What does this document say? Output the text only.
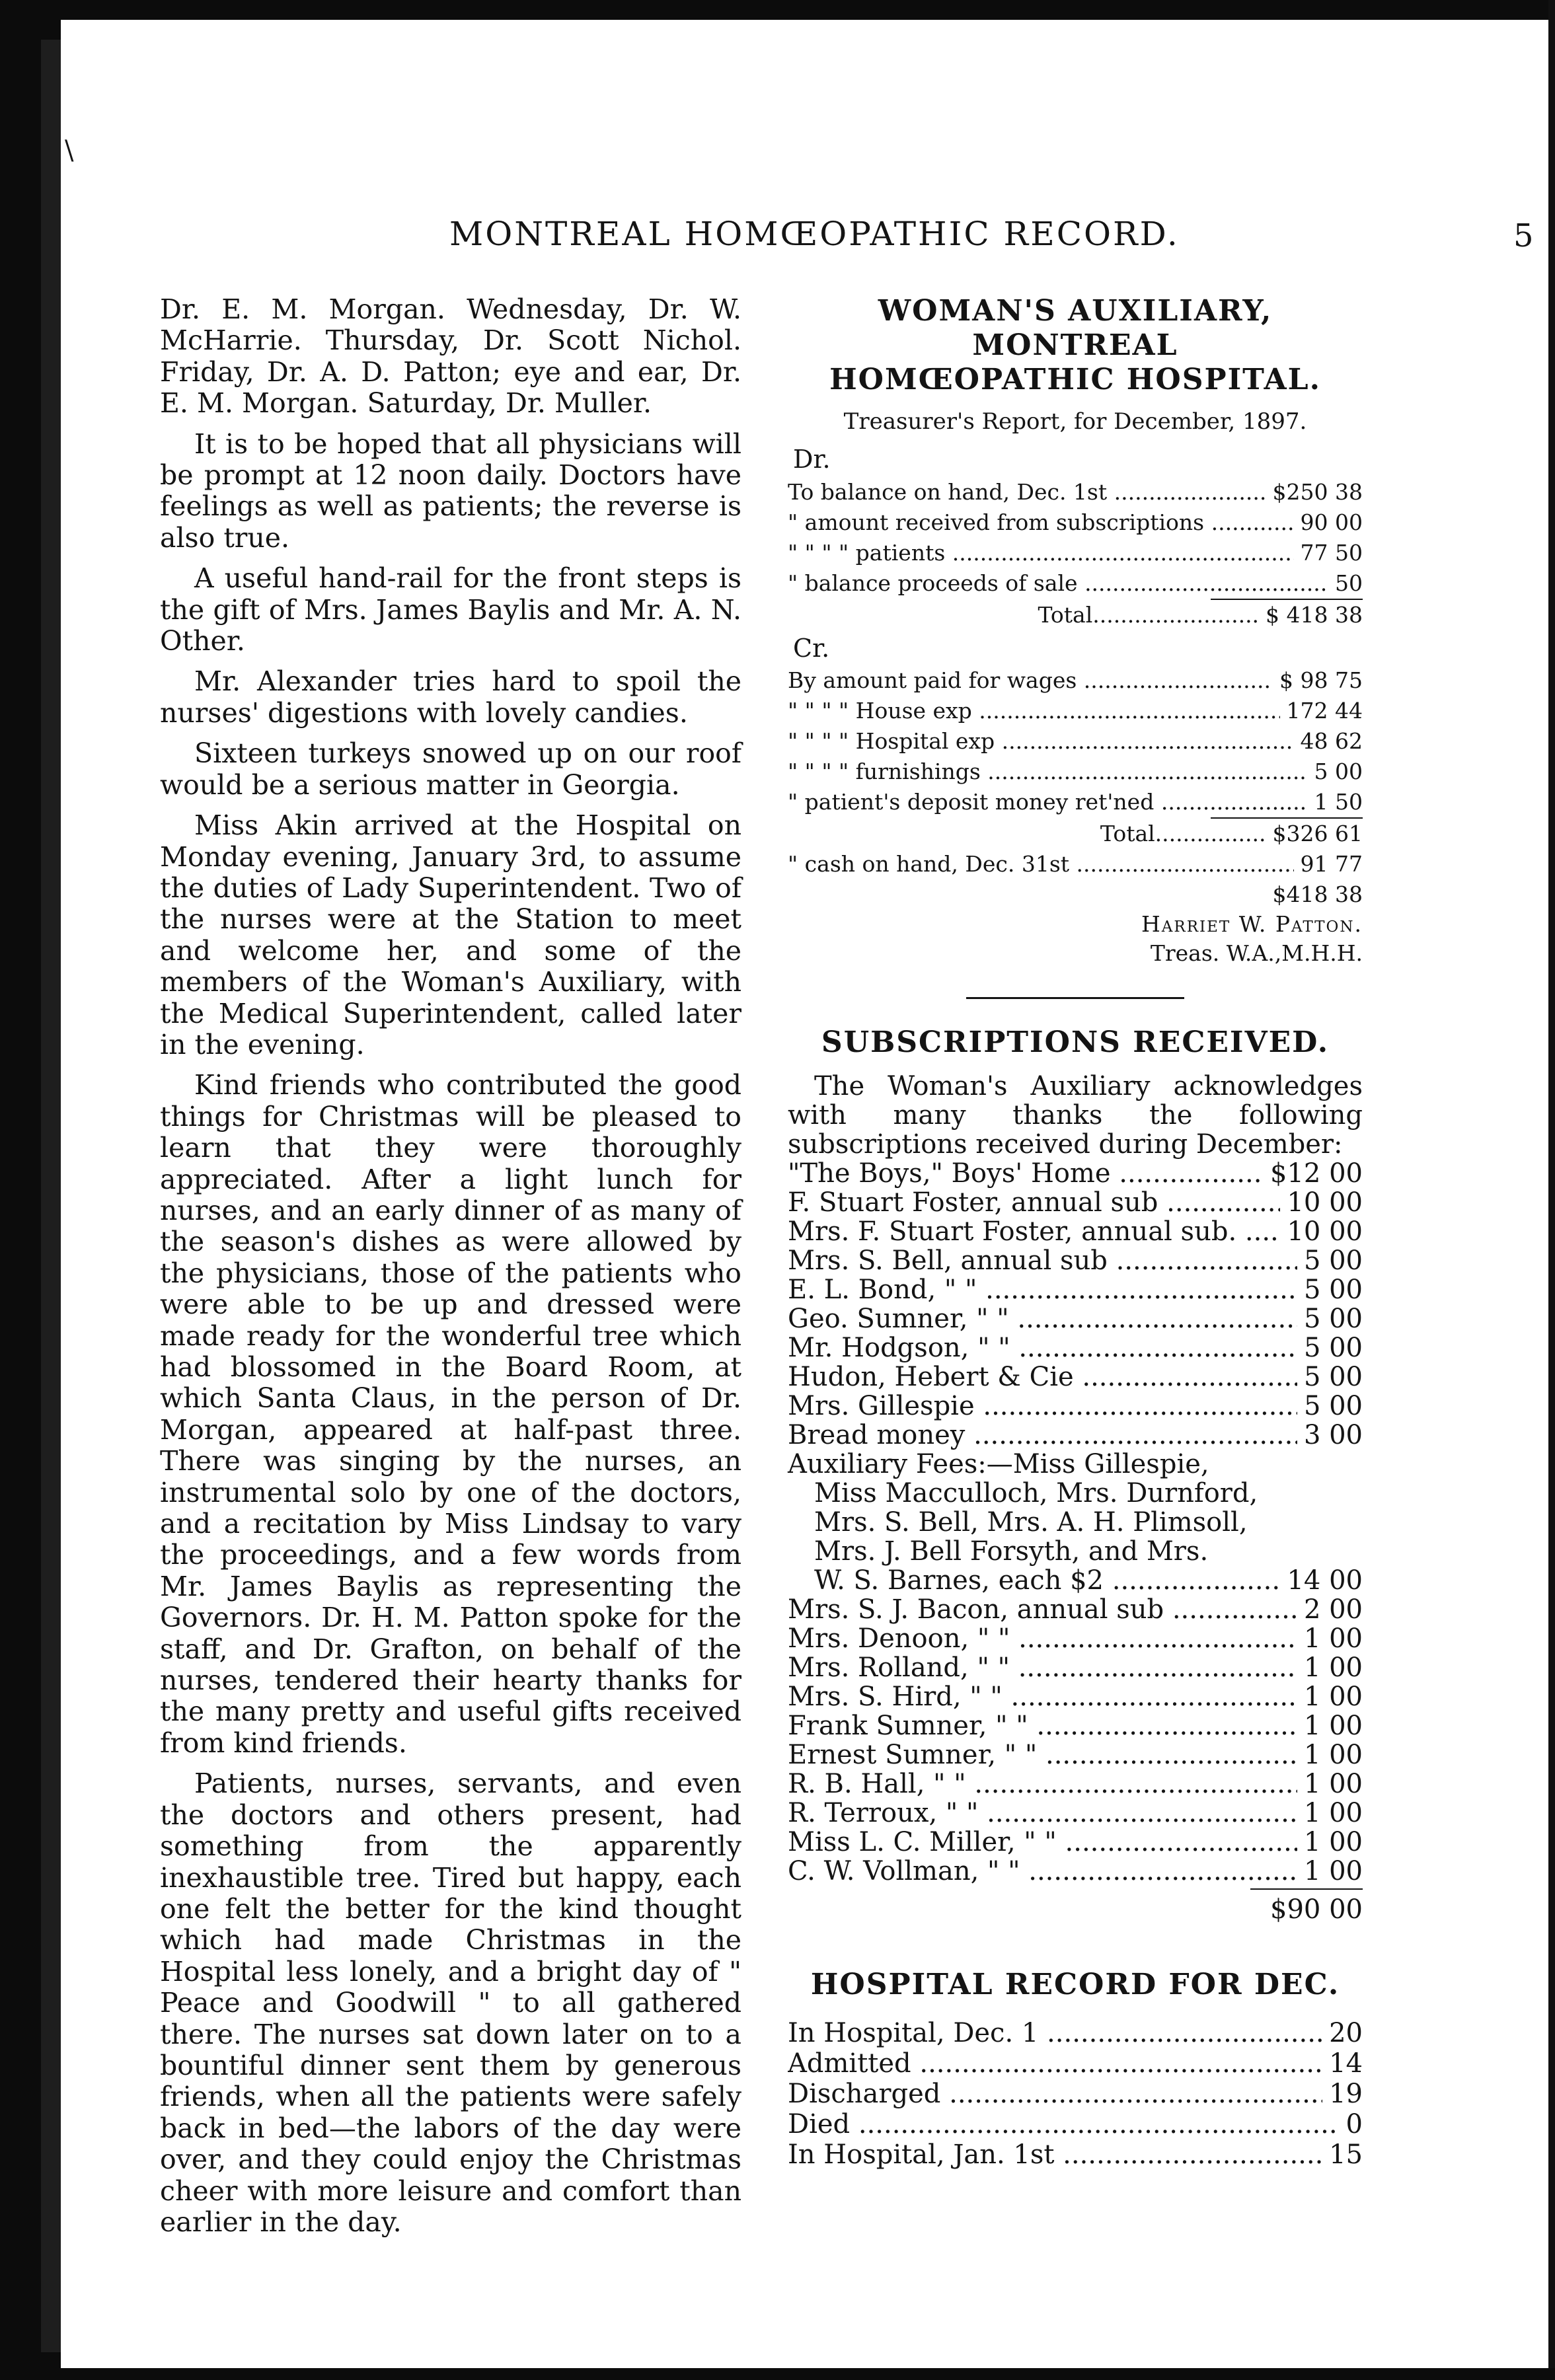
\
MONTREAL HOMŒOPATHIC RECORD.	5

Dr. E. M. Morgan. Wednesday, Dr. W. McHarrie. Thursday, Dr. Scott Nichol. Friday, Dr. A. D. Patton; eye and ear, Dr. E. M. Morgan. Saturday, Dr. Muller.

It is to be hoped that all physicians will be prompt at 12 noon daily. Doctors have feelings as well as patients; the reverse is also true.

A useful hand-rail for the front steps is the gift of Mrs. James Baylis and Mr. A. N. Other.

Mr. Alexander tries hard to spoil the nurses' digestions with lovely candies.

Sixteen turkeys snowed up on our roof would be a serious matter in Georgia.

Miss Akin arrived at the Hospital on Monday evening, January 3rd, to assume the duties of Lady Superintendent. Two of the nurses were at the Station to meet and welcome her, and some of the members of the Woman's Auxiliary, with the Medical Superintendent, called later in the evening.

Kind friends who contributed the good things for Christmas will be pleased to learn that they were thoroughly appreciated. After a light lunch for nurses, and an early dinner of as many of the season's dishes as were allowed by the physicians, those of the patients who were able to be up and dressed were made ready for the wonderful tree which had blossomed in the Board Room, at which Santa Claus, in the person of Dr. Morgan, appeared at half-past three. There was singing by the nurses, an instrumental solo by one of the doctors, and a recitation by Miss Lindsay to vary the proceedings, and a few words from Mr. James Baylis as representing the Governors. Dr. H. M. Patton spoke for the staff, and Dr. Grafton, on behalf of the nurses, tendered their hearty thanks for the many pretty and useful gifts received from kind friends.

Patients, nurses, servants, and even the doctors and others present, had something from the apparently inexhaustible tree. Tired but happy, each one felt the better for the kind thought which had made Christmas in the Hospital less lonely, and a bright day of " Peace and Goodwill " to all gathered there. The nurses sat down later on to a bountiful dinner sent them by generous friends, when all the patients were safely back in bed—the labors of the day were over, and they could enjoy the Christmas cheer with more leisure and comfort than earlier in the day.

WOMAN'S AUXILIARY, MONTREAL
HOMŒOPATHIC HOSPITAL.
Treasurer's Report, for December, 1897.
Dr.
To balance on hand, Dec. 1st .....	$250 38
" amount received from subscriptions .....	90 00
" " " " patients .....	77 50
" balance proceeds of sale .....	50
Total........................ $ 418 38
Cr.
By amount paid for wages .....	$ 98 75
" " " " House exp .....	172 44
" " " " Hospital exp .....	48 62
" " " " furnishings .....	5 00
" patient's deposit money ret'ned .....	1 50
Total................ $326 61
" cash on hand, Dec. 31st .....	91 77
$418 38
Harriet W. Patton.
Treas. W.A.,M.H.H.
SUBSCRIPTIONS RECEIVED.
The Woman's Auxiliary acknowledges with many thanks the following subscriptions received during December:
"The Boys," Boys' Home .....	$12 00
F. Stuart Foster, annual sub .....	10 00
Mrs. F. Stuart Foster, annual sub. .....	10 00
Mrs. S. Bell, annual sub .....	5 00
E. L. Bond, " " .....	5 00
Geo. Sumner, " " .....	5 00
Mr. Hodgson, " " .....	5 00
Hudon, Hebert & Cie .....	5 00
Mrs. Gillespie .....	5 00
Bread money .....	3 00
Auxiliary Fees:—Miss Gillespie,
Miss Macculloch, Mrs. Durnford,
Mrs. S. Bell, Mrs. A. H. Plimsoll,
Mrs. J. Bell Forsyth, and Mrs.
W. S. Barnes, each $2 .....	14 00
Mrs. S. J. Bacon, annual sub .....	2 00
Mrs. Denoon, " " .....	1 00
Mrs. Rolland, " " .....	1 00
Mrs. S. Hird, " " .....	1 00
Frank Sumner, " " .....	1 00
Ernest Sumner, " " .....	1 00
R. B. Hall, " " .....	1 00
R. Terroux, " " .....	1 00
Miss L. C. Miller, " " .....	1 00
C. W. Vollman, " " .....	1 00
$90 00
HOSPITAL RECORD FOR DEC.
In Hospital, Dec. 1 .....	20
Admitted .....	14
Discharged .....	19
Died .....	0
In Hospital, Jan. 1st .....	15
